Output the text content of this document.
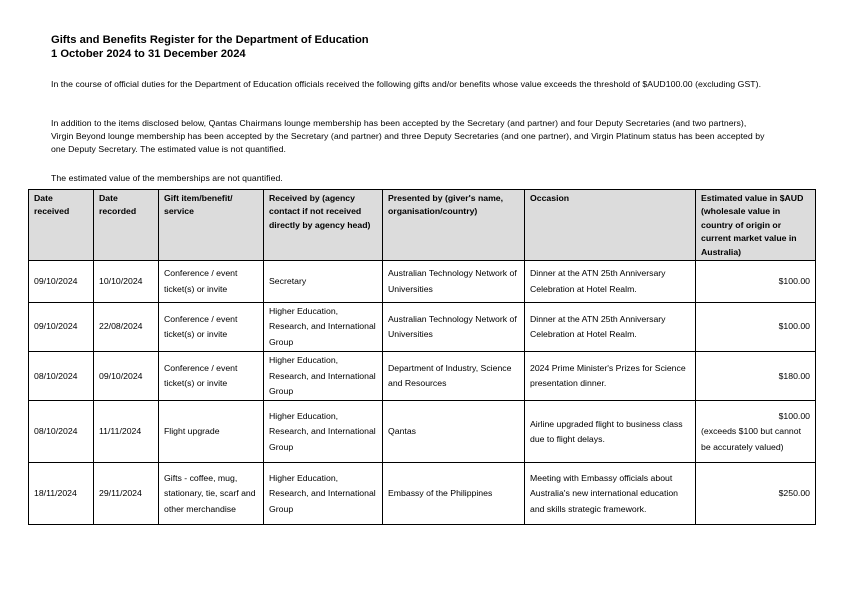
Gifts and Benefits Register for the Department of Education
1 October 2024 to 31 December 2024

In the course of official duties for the Department of Education officials received the following gifts and/or benefits whose value exceeds the threshold of $AUD100.00 (excluding GST).

In addition to the items disclosed below, Qantas Chairmans lounge membership has been accepted by the Secretary (and partner) and four Deputy Secretaries (and two partners), Virgin Beyond lounge membership has been accepted by the Secretary (and partner) and three Deputy Secretaries (and one partner), and Virgin Platinum status has been accepted by one Deputy Secretary. The estimated value is not quantified.

The estimated value of the memberships are not quantified.

Date received	Date recorded	Gift item/benefit/ service	Received by (agency contact if not received directly by agency head)	Presented by (giver's name, organisation/country)	Occasion	Estimated value in $AUD (wholesale value in country of origin or current market value in Australia)
09/10/2024	10/10/2024	Conference / event ticket(s) or invite	Secretary	Australian Technology Network of Universities	Dinner at the ATN 25th Anniversary Celebration at Hotel Realm.	$100.00
09/10/2024	22/08/2024	Conference / event ticket(s) or invite	Higher Education, Research, and International Group	Australian Technology Network of Universities	Dinner at the ATN 25th Anniversary Celebration at Hotel Realm.	$100.00
08/10/2024	09/10/2024	Conference / event ticket(s) or invite	Higher Education, Research, and International Group	Department of Industry, Science and Resources	2024 Prime Minister's Prizes for Science presentation dinner.	$180.00
08/10/2024	11/11/2024	Flight upgrade	Higher Education, Research, and International Group	Qantas	Airline upgraded flight to business class due to flight delays.	$100.00
(exceeds $100 but cannot be accurately valued)

18/11/2024	29/11/2024	Gifts - coffee, mug, stationary, tie, scarf and other merchandise	Higher Education, Research, and International Group	Embassy of the Philippines	Meeting with Embassy officials about Australia's new international education and skills strategic framework.	$250.00
